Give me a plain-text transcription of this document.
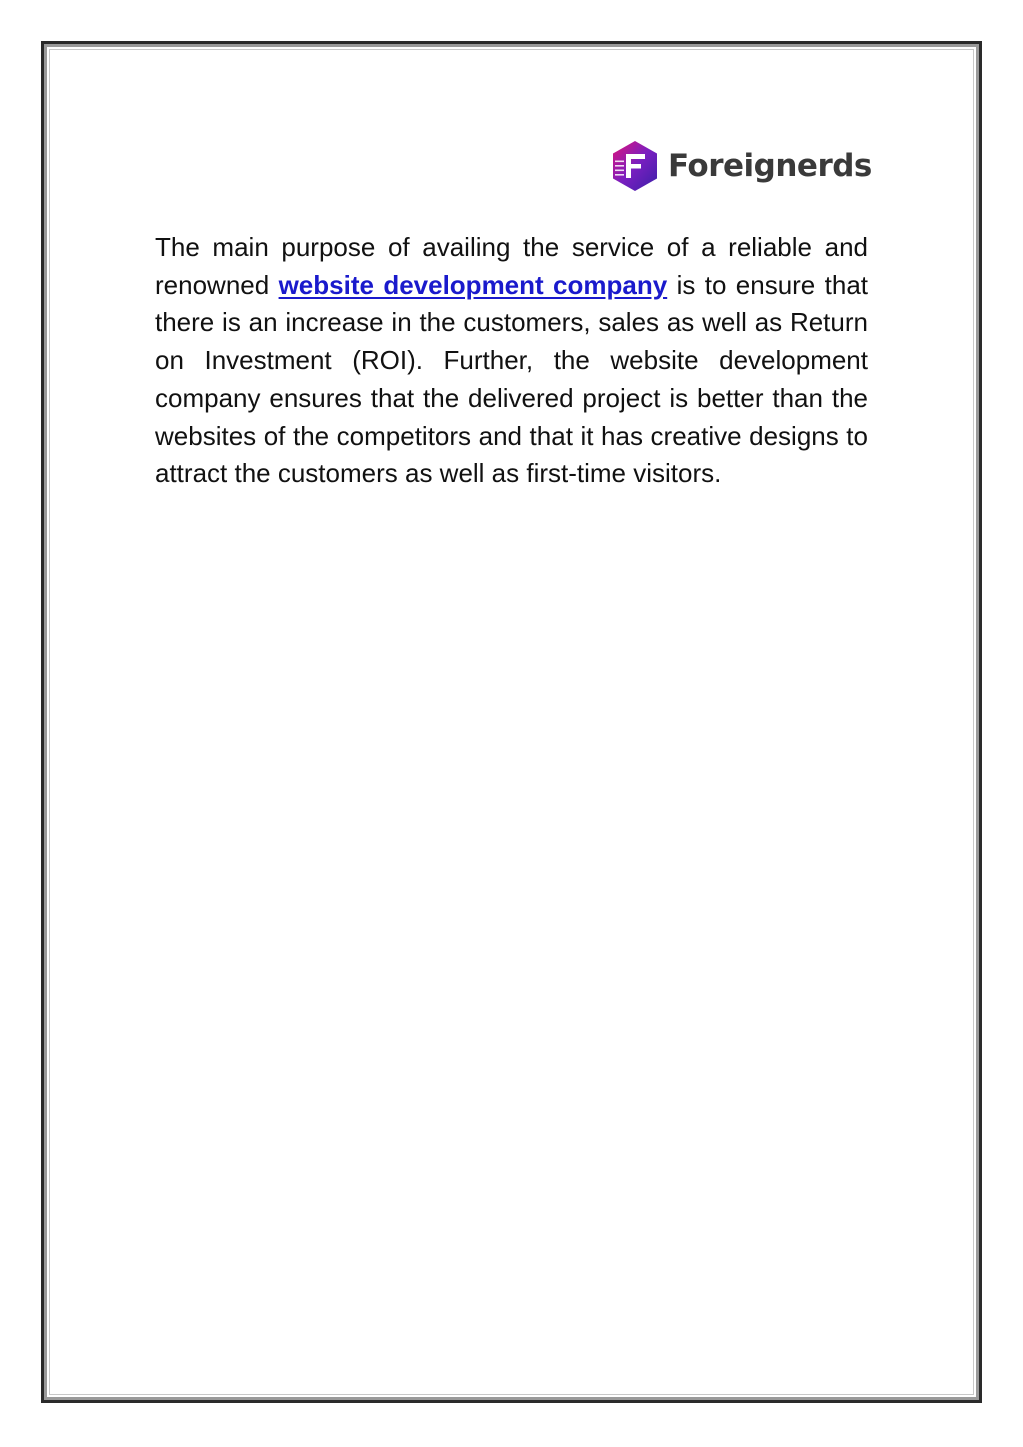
Foreignerds

The main purpose of availing the service of a reliable and renowned website development company is to ensure that there is an increase in the customers, sales as well as Return on Investment (ROI). Further, the website development company ensures that the delivered project is better than the websites of the competitors and that it has creative designs to attract the customers as well as first-time visitors.
